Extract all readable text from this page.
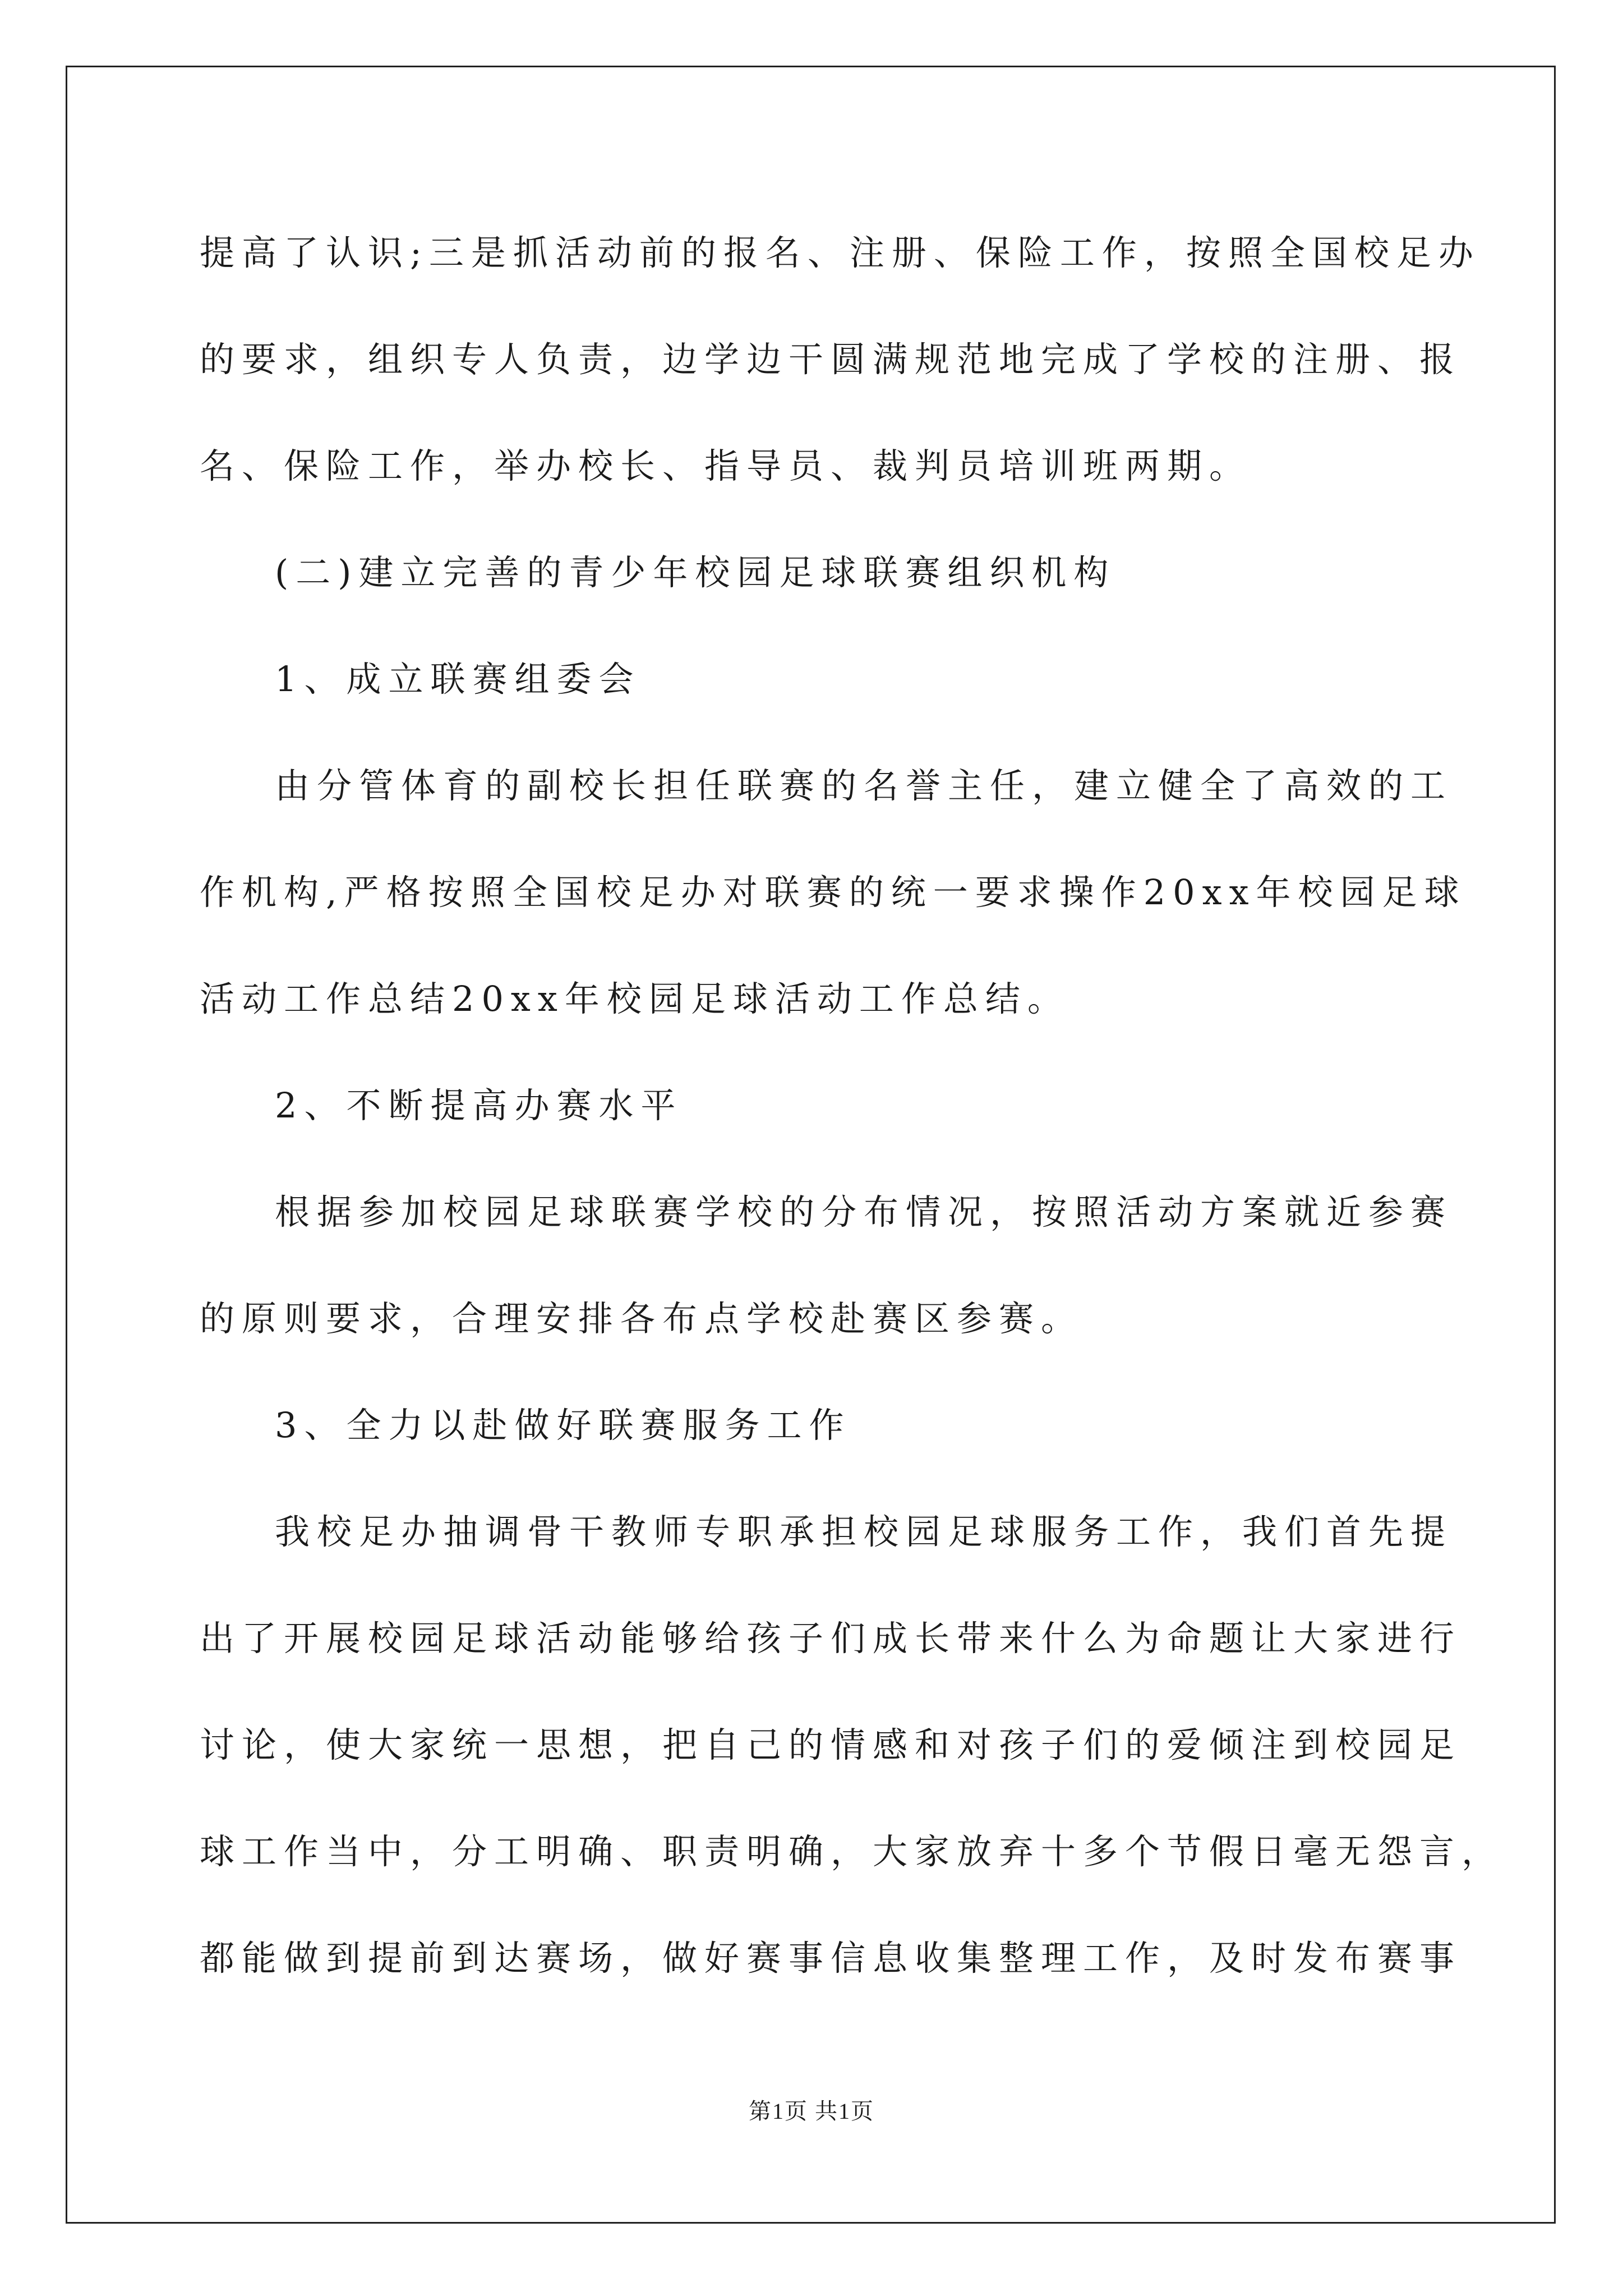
提高了认识;三是抓活动前的报名、注册、保险工作，按照全国校足办
的要求，组织专人负责，边学边干圆满规范地完成了学校的注册、报
名、保险工作，举办校长、指导员、裁判员培训班两期。
(二)建立完善的青少年校园足球联赛组织机构
1、成立联赛组委会
由分管体育的副校长担任联赛的名誉主任，建立健全了高效的工
作机构,严格按照全国校足办对联赛的统一要求操作20xx年校园足球
活动工作总结20xx年校园足球活动工作总结。
2、不断提高办赛水平
根据参加校园足球联赛学校的分布情况，按照活动方案就近参赛
的原则要求，合理安排各布点学校赴赛区参赛。
3、全力以赴做好联赛服务工作
我校足办抽调骨干教师专职承担校园足球服务工作，我们首先提
出了开展校园足球活动能够给孩子们成长带来什么为命题让大家进行
讨论，使大家统一思想，把自己的情感和对孩子们的爱倾注到校园足
球工作当中，分工明确、职责明确，大家放弃十多个节假日毫无怨言，
都能做到提前到达赛场，做好赛事信息收集整理工作，及时发布赛事
第1页 共1页
